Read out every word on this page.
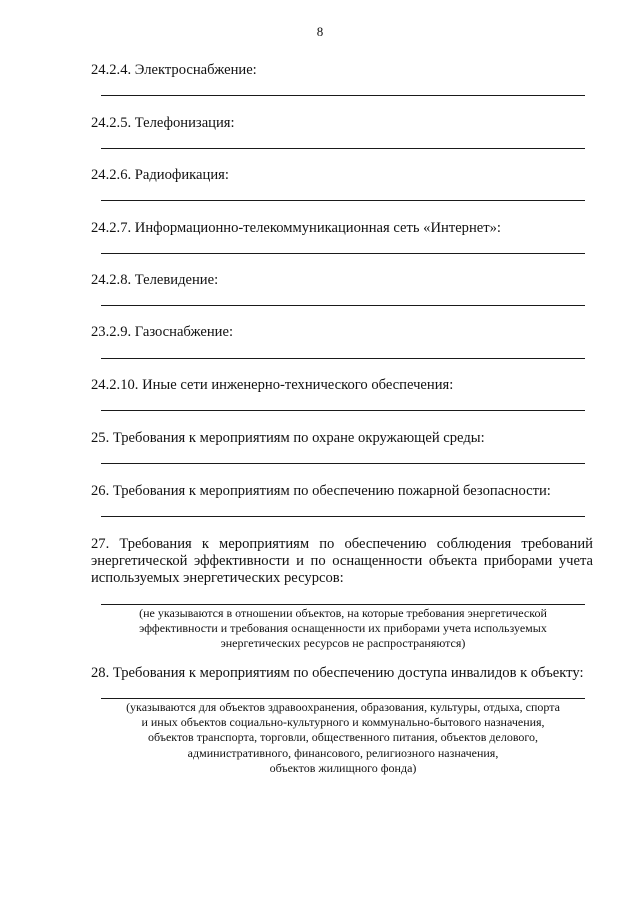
8
24.2.4. Электроснабжение:
24.2.5. Телефонизация:
24.2.6. Радиофикация:
24.2.7. Информационно-телекоммуникационная сеть «Интернет»:
24.2.8. Телевидение:
23.2.9. Газоснабжение:
24.2.10. Иные сети инженерно-технического обеспечения:
25. Требования к мероприятиям по охране окружающей среды:
26. Требования к мероприятиям по обеспечению пожарной безопасности:
27. Требования к мероприятиям по обеспечению соблюдения требований
энергетической эффективности и по оснащенности объекта приборами учета
используемых энергетических ресурсов:
(не указываются в отношении объектов, на которые требования энергетической
эффективности и требования оснащенности их приборами учета используемых
энергетических ресурсов не распространяются)
28. Требования к мероприятиям по обеспечению доступа инвалидов к объекту:
(указываются для объектов здравоохранения, образования, культуры, отдыха, спорта
и иных объектов социально-культурного и коммунально-бытового назначения,
объектов транспорта, торговли, общественного питания, объектов делового,
административного, финансового, религиозного назначения,
объектов жилищного фонда)
